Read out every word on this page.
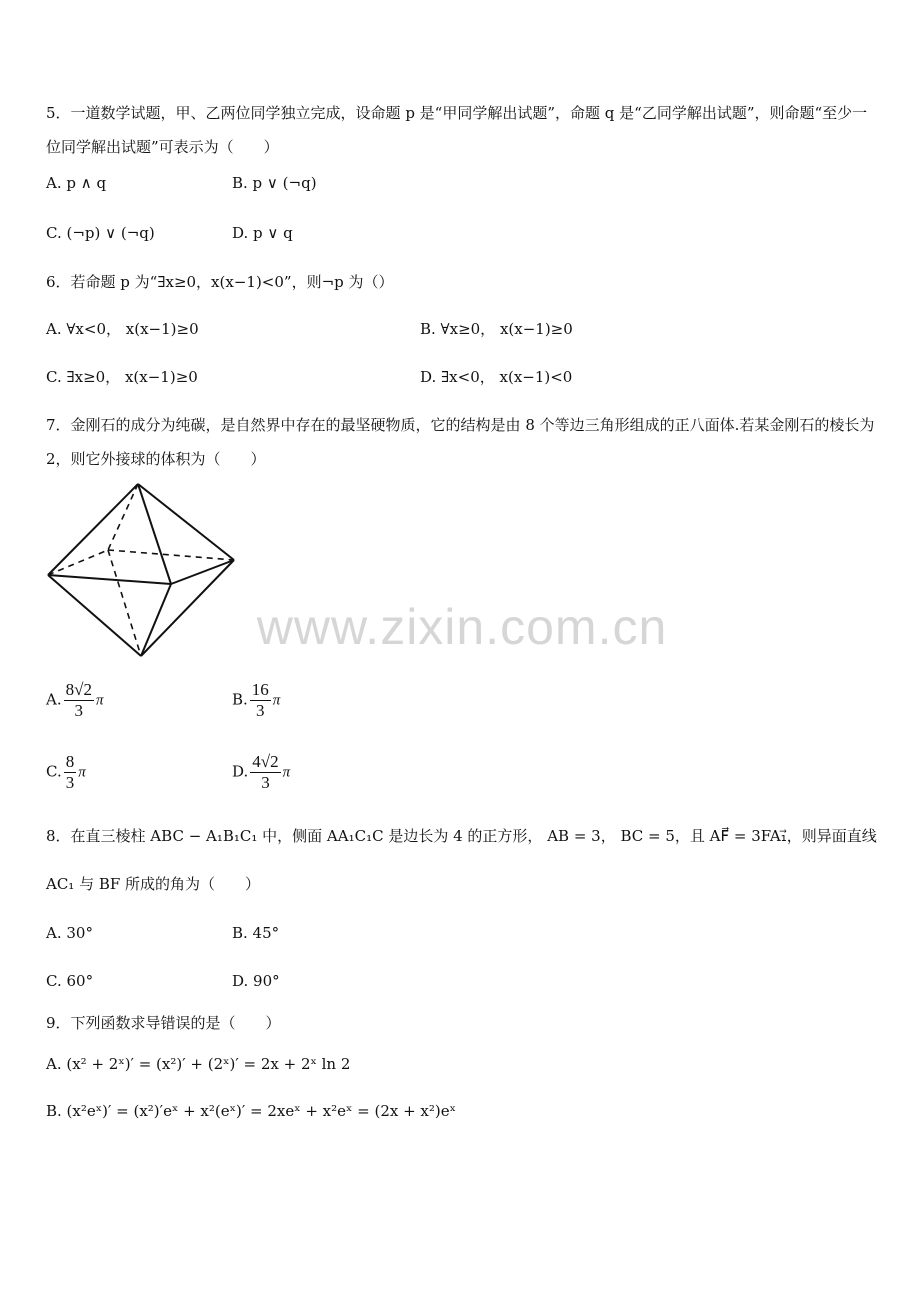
5．一道数学试题，甲、乙两位同学独立完成，设命题 p 是“甲同学解出试题”，命题 q 是“乙同学解出试题”，则命题“至少一位同学解出试题”可表示为（　　）
A. p ∧ q	B. p ∨ (¬q)
C. (¬p) ∨ (¬q)	D. p ∨ q
6．若命题 p 为“∃x≥0，x(x−1)<0”，则¬p 为（）
A. ∀x<0， x(x−1)≥0	B. ∀x≥0， x(x−1)≥0
C. ∃x≥0， x(x−1)≥0	D. ∃x<0， x(x−1)<0
7．金刚石的成分为纯碳，是自然界中存在的最坚硬物质，它的结构是由 8 个等边三角形组成的正八面体.若某金刚石的棱长为 2，则它外接球的体积为（　　）
www.zixin.com.cn
A. $\frac{8√2}{3}$ π	B. $\frac{16}{3}$ π
C. $\frac{8}{3}$ π	D. $\frac{4√2}{3}$ π
8．在直三棱柱 ABC − A₁B₁C₁ 中，侧面 AA₁C₁C 是边长为 4 的正方形， AB = 3， BC = 5，且 AF⃗ = 3FA₁⃗，则异面直线
AC₁ 与 BF 所成的角为（　　）
A. 30°	B. 45°
C. 60°	D. 90°
9．下列函数求导错误的是（　　）
A. (x² + 2ˣ)′ = (x²)′ + (2ˣ)′ = 2x + 2ˣ ln 2
B. (x²eˣ)′ = (x²)′eˣ + x²(eˣ)′ = 2xeˣ + x²eˣ = (2x + x²)eˣ
